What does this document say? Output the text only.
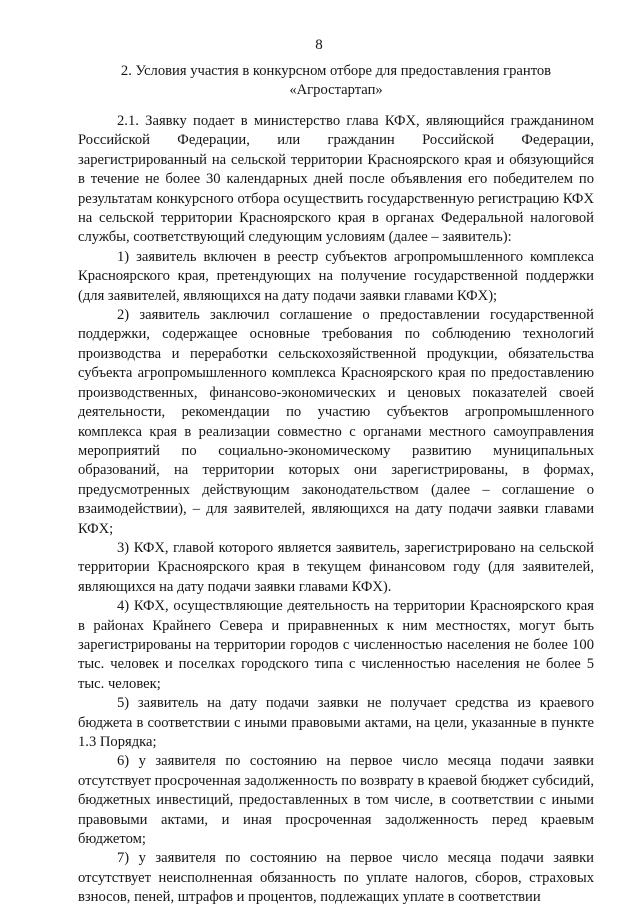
8
2. Условия участия в конкурсном отборе для предоставления грантов «Агростартап»

2.1. Заявку подает в министерство глава КФХ, являющийся гражданином Российской Федерации, или гражданин Российской Федерации, зарегистрированный на сельской территории Красноярского края и обязующийся в течение не более 30 календарных дней после объявления его победителем по результатам конкурсного отбора осуществить государственную регистрацию КФХ на сельской территории Красноярского края в органах Федеральной налоговой службы, соответствующий следующим условиям (далее – заявитель):

1) заявитель включен в реестр субъектов агропромышленного комплекса Красноярского края, претендующих на получение государственной поддержки (для заявителей, являющихся на дату подачи заявки главами КФХ);

2) заявитель заключил соглашение о предоставлении государственной поддержки, содержащее основные требования по соблюдению технологий производства и переработки сельскохозяйственной продукции, обязательства субъекта агропромышленного комплекса Красноярского края по предоставлению производственных, финансово-экономических и ценовых показателей своей деятельности, рекомендации по участию субъектов агропромышленного комплекса края в реализации совместно с органами местного самоуправления мероприятий по социально-экономическому развитию муниципальных образований, на территории которых они зарегистрированы, в формах, предусмотренных действующим законодательством (далее – соглашение о взаимодействии), – для заявителей, являющихся на дату подачи заявки главами КФХ;

3) КФХ, главой которого является заявитель, зарегистрировано на сельской территории Красноярского края в текущем финансовом году (для заявителей, являющихся на дату подачи заявки главами КФХ).

4) КФХ, осуществляющие деятельность на территории Красноярского края в районах Крайнего Севера и приравненных к ним местностях, могут быть зарегистрированы на территории городов с численностью населения не более 100 тыс. человек и поселках городского типа с численностью населения не более 5 тыс. человек;

5) заявитель на дату подачи заявки не получает средства из краевого бюджета в соответствии с иными правовыми актами, на цели, указанные в пункте 1.3 Порядка;

6) у заявителя по состоянию на первое число месяца подачи заявки отсутствует просроченная задолженность по возврату в краевой бюджет субсидий, бюджетных инвестиций, предоставленных в том числе, в соответствии с иными правовыми актами, и иная просроченная задолженность перед краевым бюджетом;

7) у заявителя по состоянию на первое число месяца подачи заявки отсутствует неисполненная обязанность по уплате налогов, сборов, страховых взносов, пеней, штрафов и процентов, подлежащих уплате в соответствии
